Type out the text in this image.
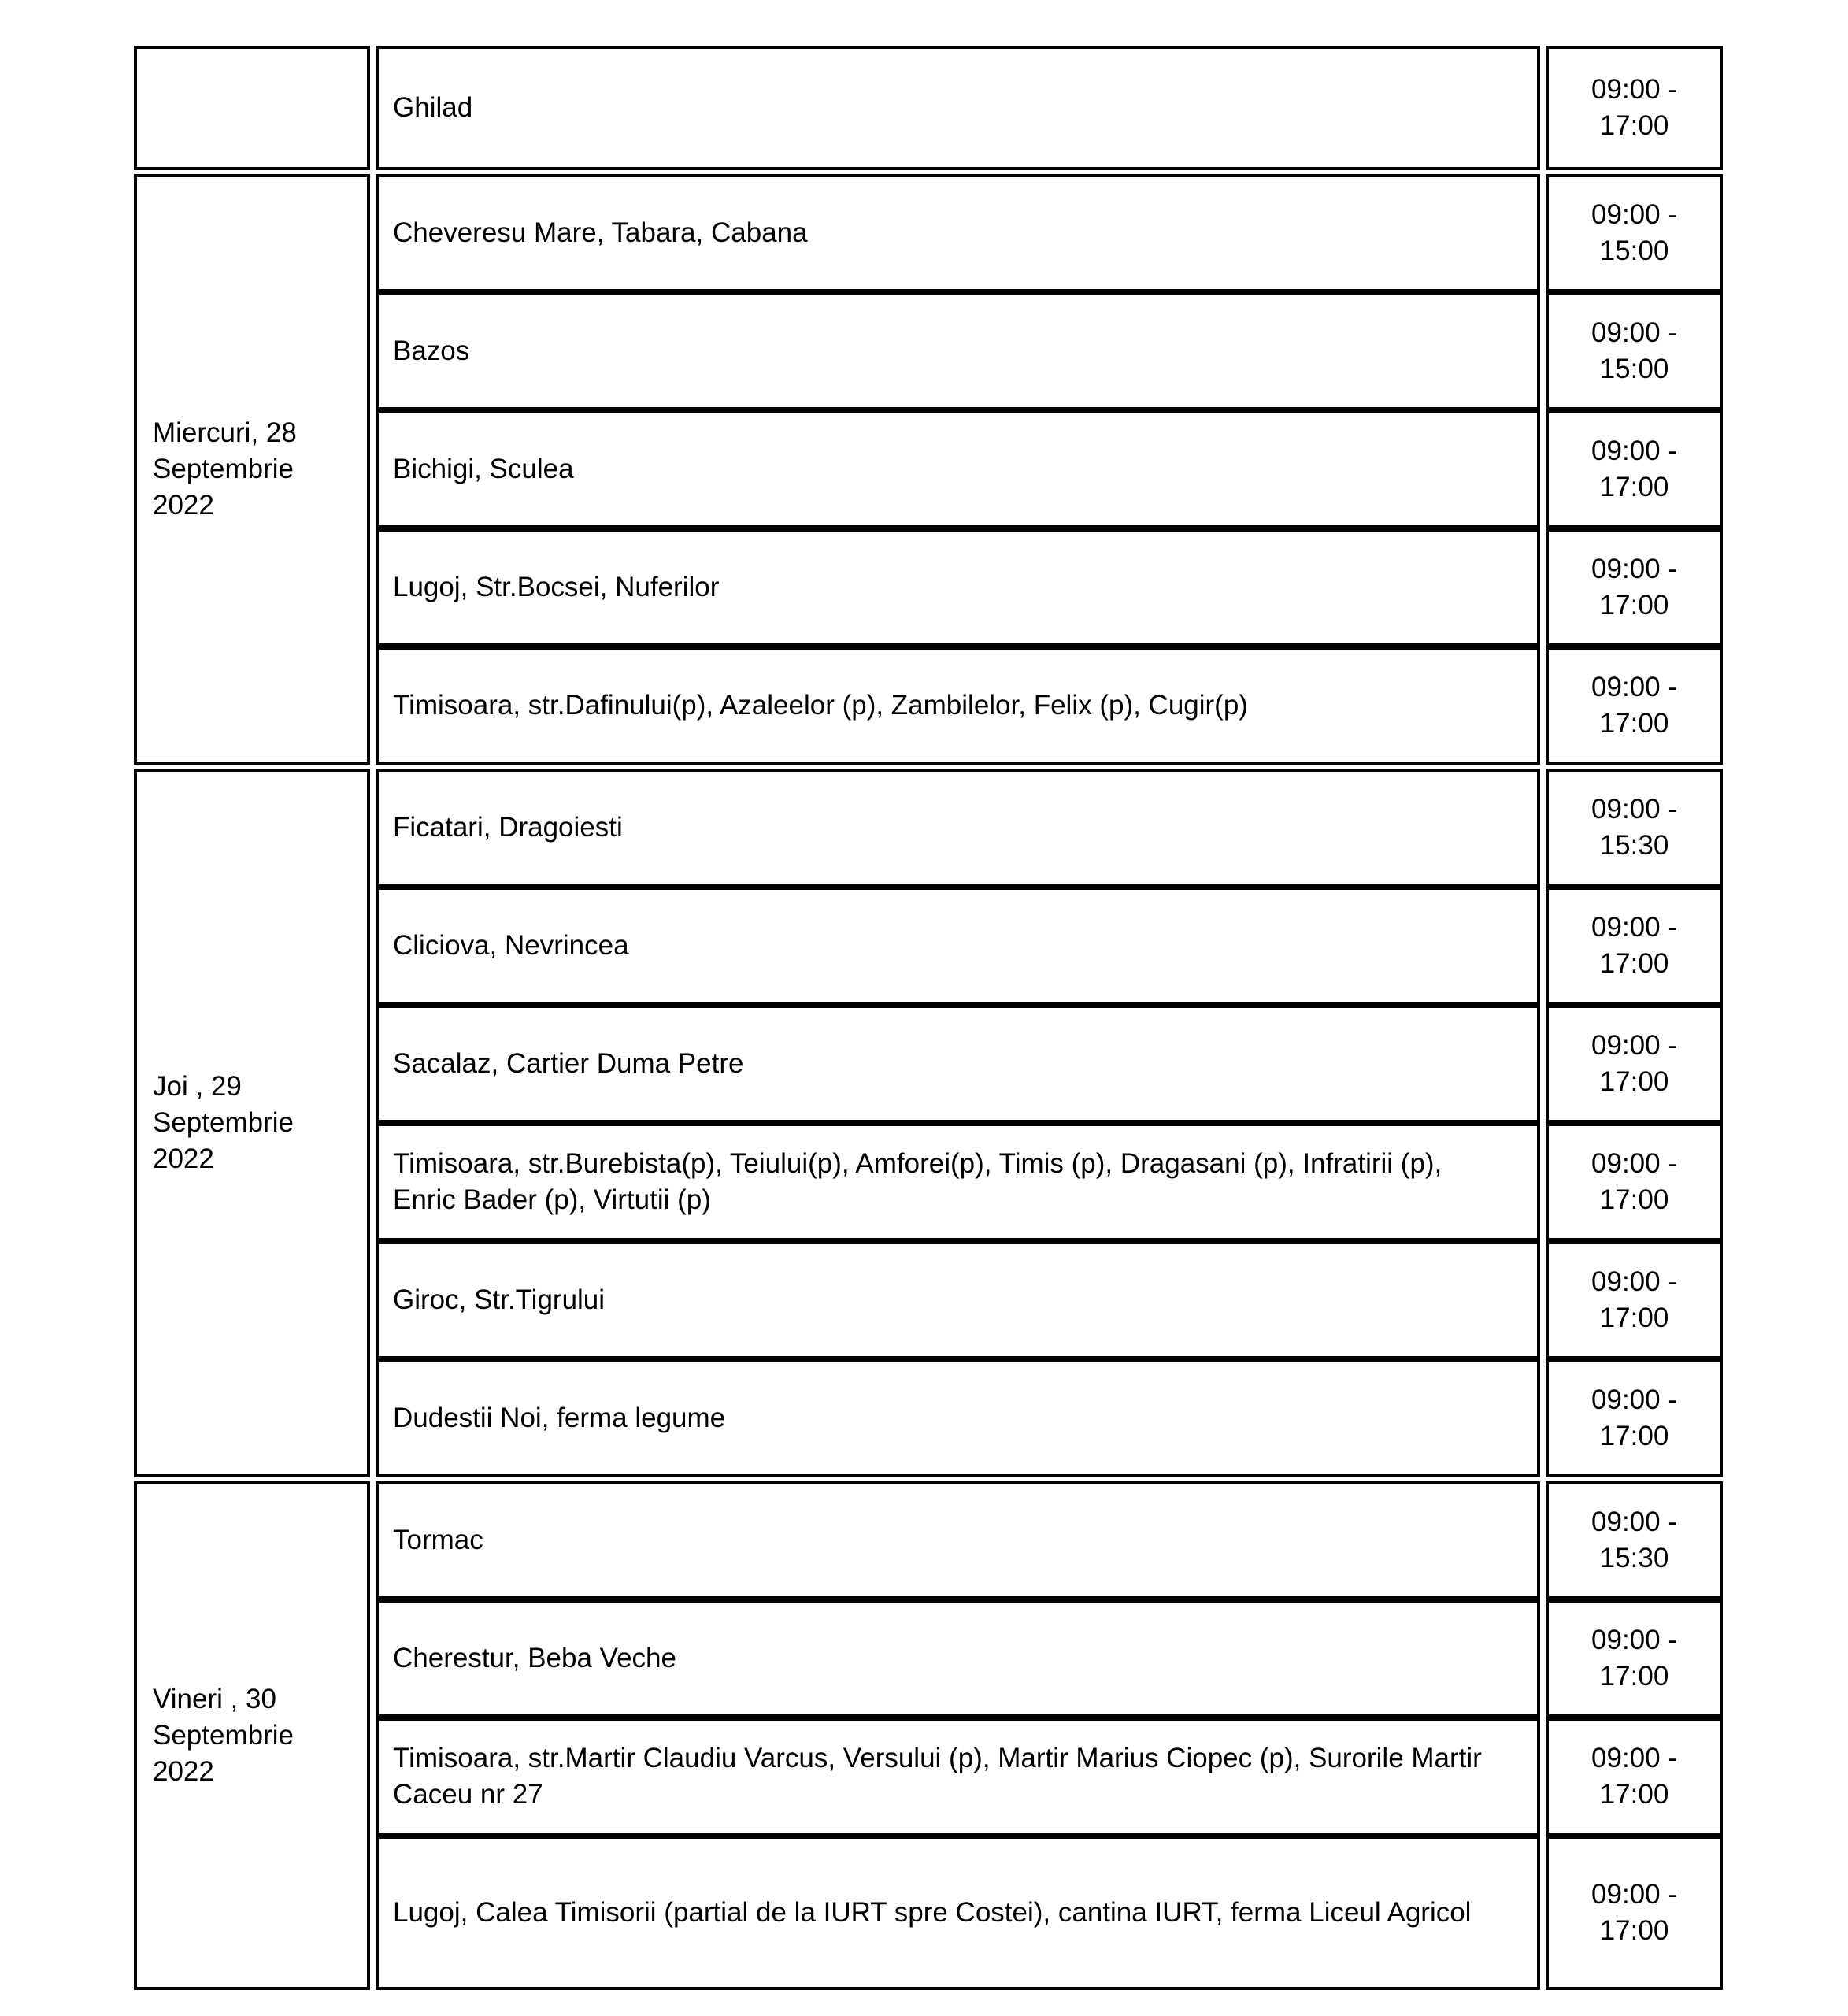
	Ghilad	09:00 - 17:00
Miercuri, 28 Septembrie 2022	Cheveresu Mare, Tabara, Cabana	09:00 - 15:00
	Bazos	09:00 - 15:00
	Bichigi, Sculea	09:00 - 17:00
	Lugoj, Str.Bocsei, Nuferilor	09:00 - 17:00
	Timisoara, str.Dafinului(p), Azaleelor (p), Zambilelor, Felix (p), Cugir(p)	09:00 - 17:00
Joi , 29 Septembrie 2022	Ficatari, Dragoiesti	09:00 - 15:30
	Cliciova, Nevrincea	09:00 - 17:00
	Sacalaz, Cartier Duma Petre	09:00 - 17:00
	Timisoara, str.Burebista(p), Teiului(p), Amforei(p), Timis (p), Dragasani (p), Infratirii (p), Enric Bader (p), Virtutii (p)	09:00 - 17:00
	Giroc, Str.Tigrului	09:00 - 17:00
	Dudestii Noi, ferma legume	09:00 - 17:00
Vineri , 30 Septembrie 2022	Tormac	09:00 - 15:30
	Cherestur, Beba Veche	09:00 - 17:00
	Timisoara, str.Martir Claudiu Varcus, Versului (p), Martir Marius Ciopec (p), Surorile Martir Caceu nr 27	09:00 - 17:00
	Lugoj, Calea Timisorii (partial de la IURT spre Costei), cantina IURT, ferma Liceul Agricol	09:00 - 17:00
